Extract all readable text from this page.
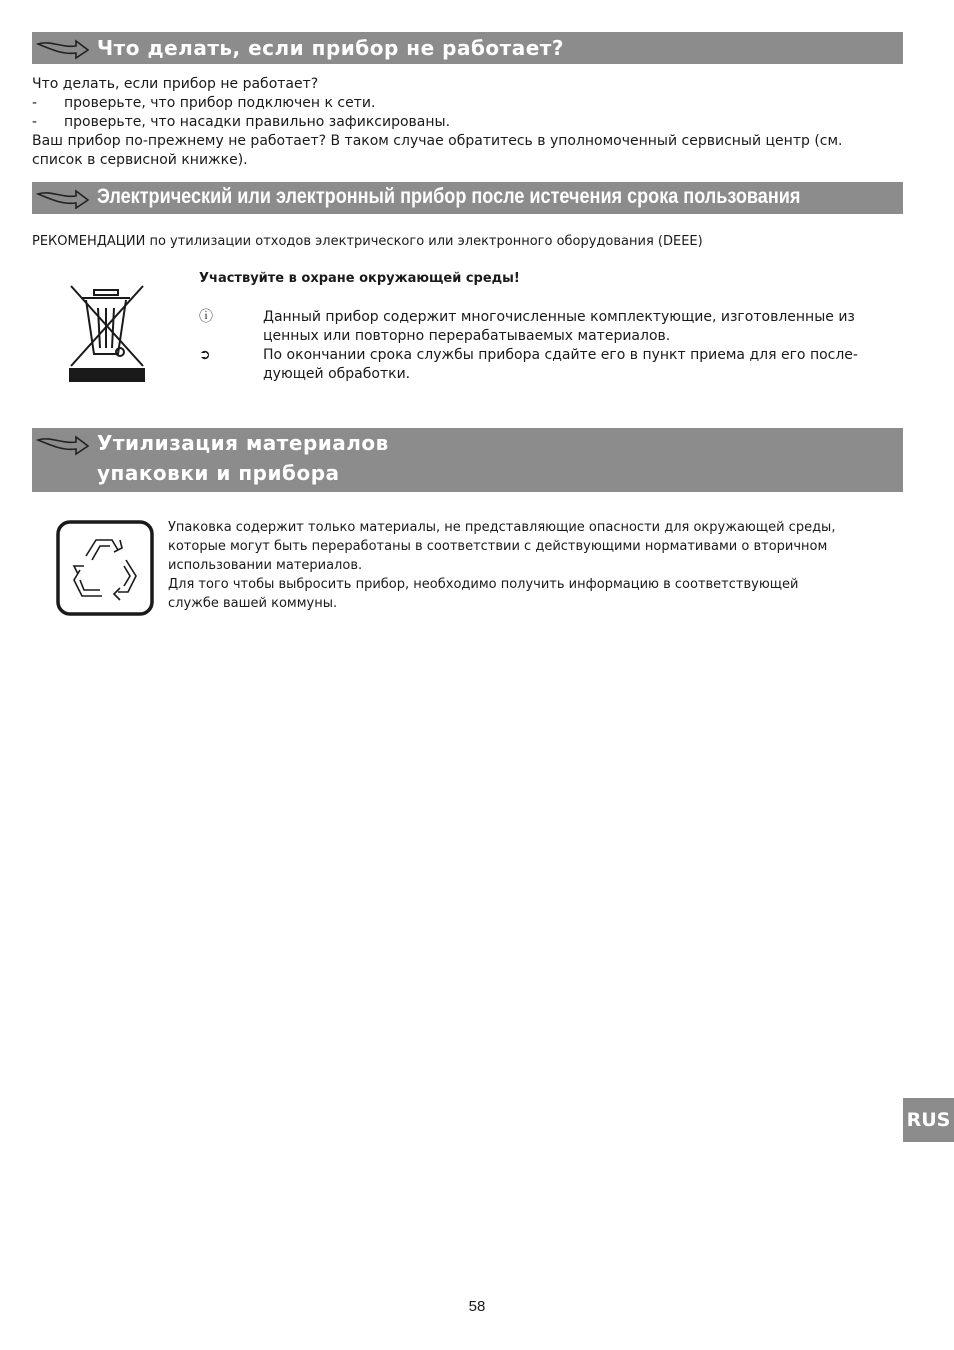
Что делать, если прибор не работает?
Что делать, если прибор не работает?
- проверьте, что прибор подключен к сети.
- проверьте, что насадки правильно зафиксированы.
Ваш прибор по-прежнему не работает? В таком случае обратитесь в уполномоченный сервисный центр (см.
список в сервисной книжке).
Электрический или электронный прибор после истечения срока пользования
РЕКОМЕНДАЦИИ по утилизации отходов электрического или электронного оборудования (DEEE)
Участвуйте в охране окружающей среды!
ⓘ	Данный прибор содержит многочисленные комплектующие, изготовленные из
ценных или повторно перерабатываемых материалов.
➲	По окончании срока службы прибора сдайте его в пункт приема для его после-
дующей обработки.
Утилизация материалов
упаковки и прибора
Упаковка содержит только материалы, не представляющие опасности для окружающей среды,
которые могут быть переработаны в соответствии с действующими нормативами о вторичном
использовании материалов.
Для того чтобы выбросить прибор, необходимо получить информацию в соответствующей
службе вашей коммуны.
RUS
58
